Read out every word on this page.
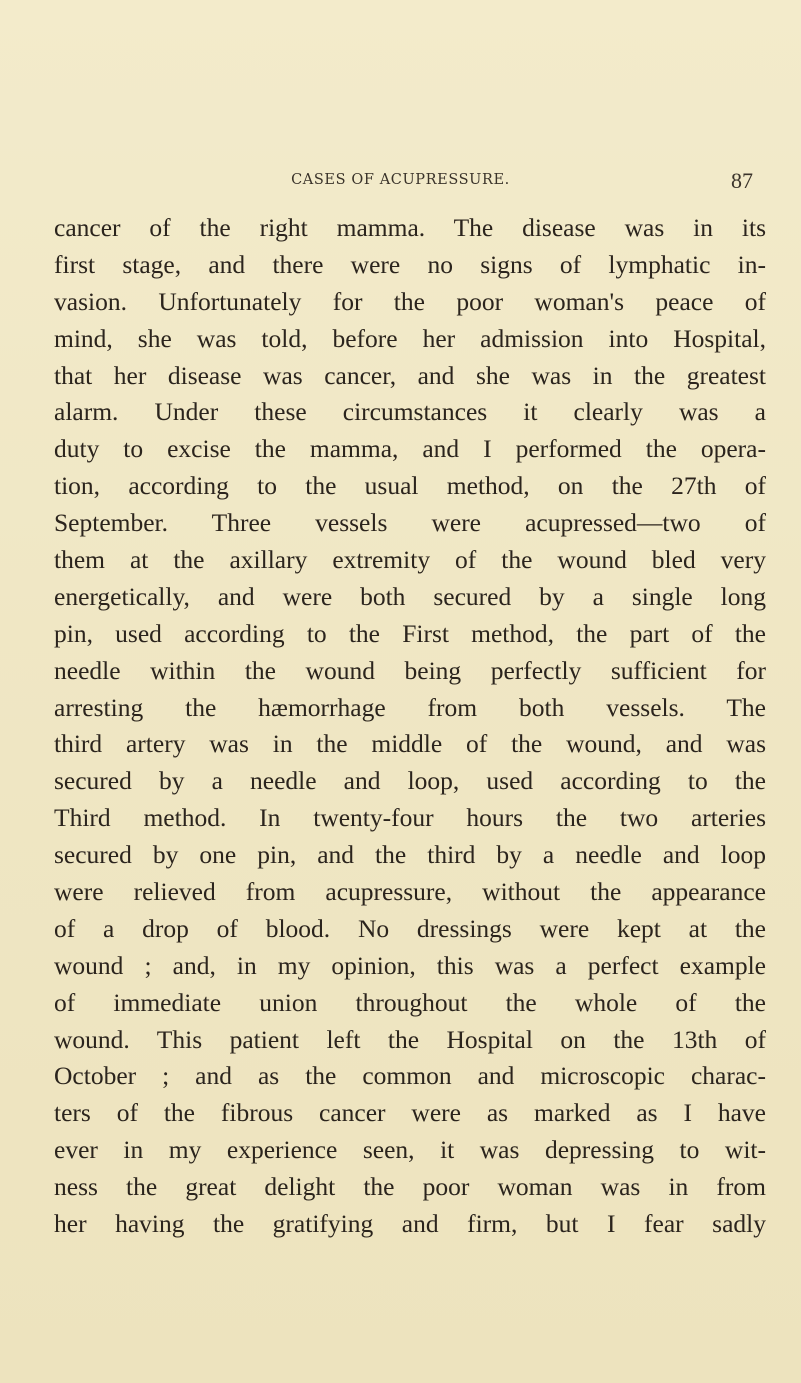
CASES OF ACUPRESSURE.	87
cancer of the right mamma. The disease was in its
first stage, and there were no signs of lymphatic in-
vasion. Unfortunately for the poor woman's peace of
mind, she was told, before her admission into Hospital,
that her disease was cancer, and she was in the greatest
alarm. Under these circumstances it clearly was a
duty to excise the mamma, and I performed the opera-
tion, according to the usual method, on the 27th of
September. Three vessels were acupressed—two of
them at the axillary extremity of the wound bled very
energetically, and were both secured by a single long
pin, used according to the First method, the part of the
needle within the wound being perfectly sufficient for
arresting the hæmorrhage from both vessels. The
third artery was in the middle of the wound, and was
secured by a needle and loop, used according to the
Third method. In twenty-four hours the two arteries
secured by one pin, and the third by a needle and loop
were relieved from acupressure, without the appearance
of a drop of blood. No dressings were kept at the
wound ; and, in my opinion, this was a perfect example
of immediate union throughout the whole of the
wound. This patient left the Hospital on the 13th of
October ; and as the common and microscopic charac-
ters of the fibrous cancer were as marked as I have
ever in my experience seen, it was depressing to wit-
ness the great delight the poor woman was in from
her having the gratifying and firm, but I fear sadly
